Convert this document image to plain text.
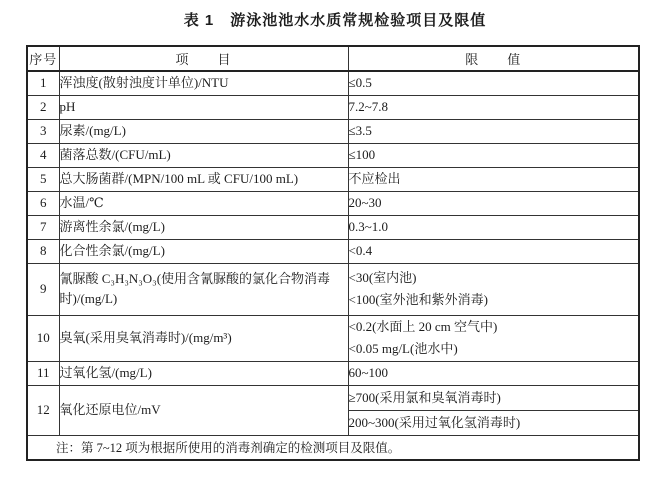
表 1　游泳池池水水质常规检验项目及限值
序号	项　　目	限　　值
1	浑浊度(散射浊度计单位)/NTU	≤0.5
2	pH	7.2~7.8
3	尿素/(mg/L)	≤3.5
4	菌落总数/(CFU/mL)	≤100
5	总大肠菌群/(MPN/100 mL 或 CFU/100 mL)	不应检出
6	水温/℃	20~30
7	游离性余氯/(mg/L)	0.3~1.0
8	化合性余氯/(mg/L)	<0.4
9	氰脲酸 C₃H₃N₃O₃(使用含氰脲酸的氯化合物消毒时)/(mg/L)	<30(室内池)
<100(室外池和紫外消毒)

10	臭氧(采用臭氧消毒时)/(mg/m³)	<0.2(水面上 20 cm 空气中)
<0.05 mg/L(池水中)

11	过氧化氢/(mg/L)	60~100
12	氧化还原电位/mV	≥700(采用氯和臭氧消毒时)
		200~300(采用过氧化氢消毒时)
注：第 7~12 项为根据所使用的消毒剂确定的检测项目及限值。		
